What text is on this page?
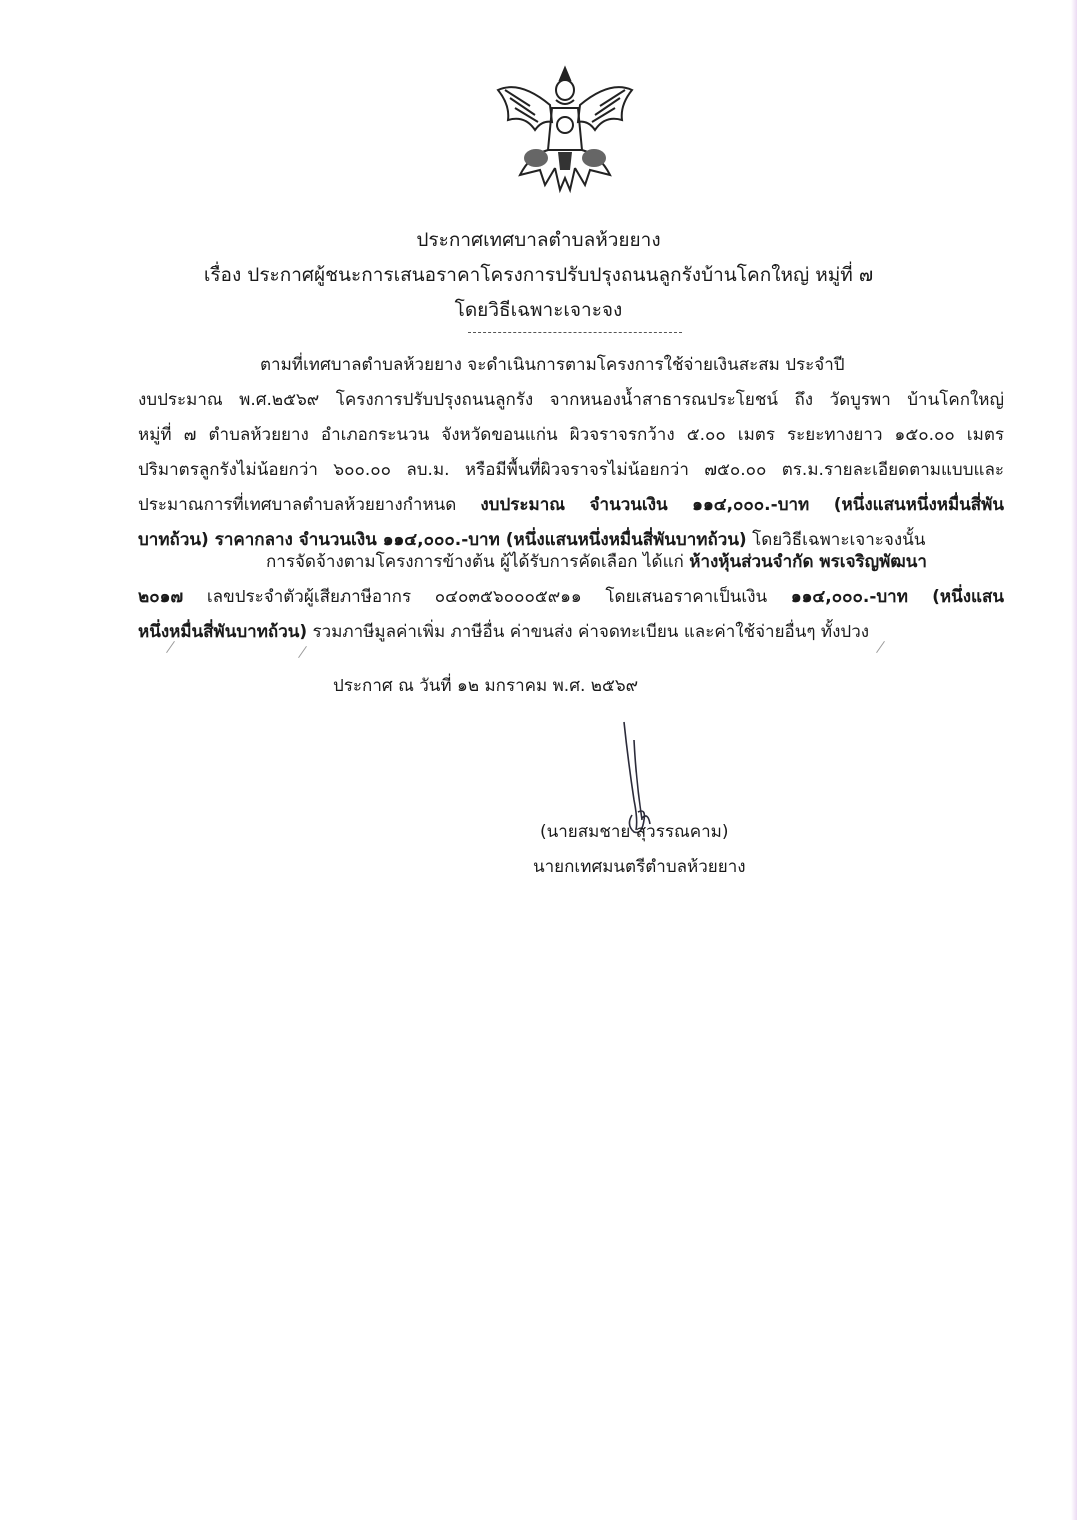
ประกาศเทศบาลตำบลห้วยยาง
เรื่อง ประกาศผู้ชนะการเสนอราคาโครงการปรับปรุงถนนลูกรังบ้านโคกใหญ่ หมู่ที่ ๗
โดยวิธีเฉพาะเจาะจง
ตามที่เทศบาลตำบลห้วยยาง จะดำเนินการตามโครงการใช้จ่ายเงินสะสม ประจำปี
งบประมาณ พ.ศ.๒๕๖๙ โครงการปรับปรุงถนนลูกรัง จากหนองน้ำสาธารณประโยชน์ ถึง วัดบูรพา บ้านโคกใหญ่
หมู่ที่ ๗ ตำบลห้วยยาง อำเภอกระนวน จังหวัดขอนแก่น ผิวจราจรกว้าง ๕.๐๐ เมตร ระยะทางยาว ๑๕๐.๐๐ เมตร
ปริมาตรลูกรังไม่น้อยกว่า ๖๐๐.๐๐ ลบ.ม. หรือมีพื้นที่ผิวจราจรไม่น้อยกว่า ๗๕๐.๐๐ ตร.ม.รายละเอียดตามแบบและ
ประมาณการที่เทศบาลตำบลห้วยยางกำหนด งบประมาณ จำนวนเงิน ๑๑๔,๐๐๐.-บาท (หนึ่งแสนหนึ่งหมื่นสี่พัน
บาทถ้วน) ราคากลาง จำนวนเงิน ๑๑๔,๐๐๐.-บาท (หนึ่งแสนหนึ่งหมื่นสี่พันบาทถ้วน) โดยวิธีเฉพาะเจาะจงนั้น
การจัดจ้างตามโครงการข้างต้น ผู้ได้รับการคัดเลือก ได้แก่ ห้างหุ้นส่วนจำกัด พรเจริญพัฒนา
๒๐๑๗ เลขประจำตัวผู้เสียภาษีอากร ๐๔๐๓๕๖๐๐๐๕๙๑๑ โดยเสนอราคาเป็นเงิน ๑๑๔,๐๐๐.-บาท (หนึ่งแสน
หนึ่งหมื่นสี่พันบาทถ้วน) รวมภาษีมูลค่าเพิ่ม ภาษีอื่น ค่าขนส่ง ค่าจดทะเบียน และค่าใช้จ่ายอื่นๆ ทั้งปวง
ประกาศ ณ วันที่ ๑๒ มกราคม พ.ศ. ๒๕๖๙
(นายสมชาย สุวรรณคาม)
นายกเทศมนตรีตำบลห้วยยาง
